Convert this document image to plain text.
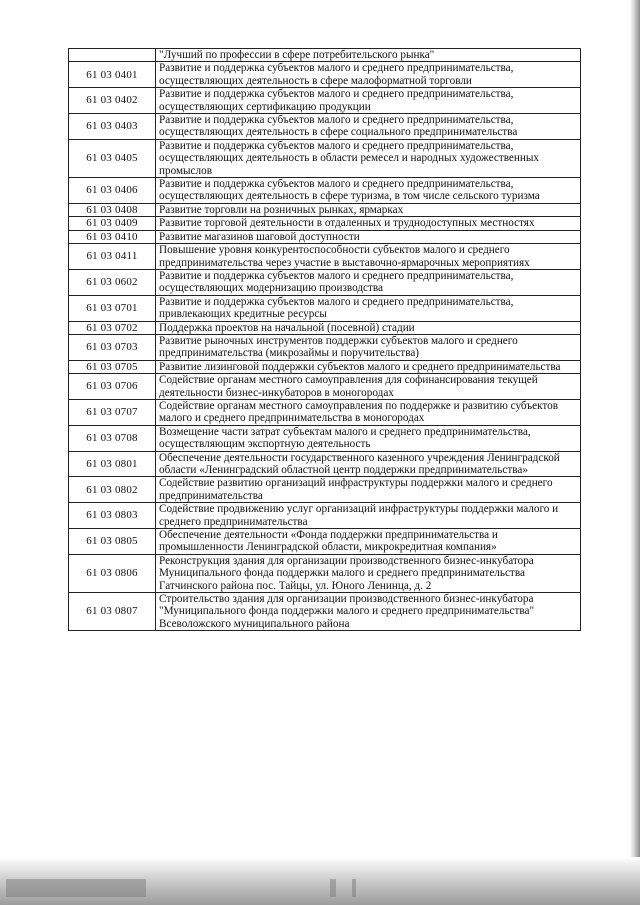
	"Лучший по профессии в сфере потребительского рынка"
61 03 0401	Развитие и поддержка субъектов малого и среднего предпринимательства, осуществляющих деятельность в сфере малоформатной торговли
61 03 0402	Развитие и поддержка субъектов малого и среднего предпринимательства, осуществляющих сертификацию продукции
61 03 0403	Развитие и поддержка субъектов малого и среднего предпринимательства, осуществляющих деятельность в сфере социального предпринимательства
61 03 0405	Развитие и поддержка субъектов малого и среднего предпринимательства, осуществляющих деятельность в области ремесел и народных художественных промыслов
61 03 0406	Развитие и поддержка субъектов малого и среднего предпринимательства, осуществляющих деятельность в сфере туризма, в том числе сельского туризма
61 03 0408	Развитие торговли на розничных рынках, ярмарках
61 03 0409	Развитие торговой деятельности в отдаленных и труднодоступных местностях
61 03 0410	Развитие магазинов шаговой доступности
61 03 0411	Повышение уровня конкурентоспособности субъектов малого и среднего предпринимательства через участие в выставочно-ярмарочных мероприятиях
61 03 0602	Развитие и поддержка субъектов малого и среднего предпринимательства, осуществляющих модернизацию производства
61 03 0701	Развитие и поддержка субъектов малого и среднего предпринимательства, привлекающих кредитные ресурсы
61 03 0702	Поддержка проектов на начальной (посевной) стадии
61 03 0703	Развитие рыночных инструментов поддержки субъектов малого и среднего предпринимательства (микрозаймы и поручительства)
61 03 0705	Развитие лизинговой поддержки субъектов малого и среднего предпринимательства
61 03 0706	Содействие органам местного самоуправления для софинансирования текущей деятельности бизнес-инкубаторов в моногородах
61 03 0707	Содействие органам местного самоуправления по поддержке и развитию субъектов малого и среднего предпринимательства в моногородах
61 03 0708	Возмещение части затрат субъектам малого и среднего предпринимательства, осуществляющим экспортную деятельность
61 03 0801	Обеспечение деятельности государственного казенного учреждения Ленинградской области «Ленинградский областной центр поддержки предпринимательства»
61 03 0802	Содействие развитию организаций инфраструктуры поддержки малого и среднего предпринимательства
61 03 0803	Содействие продвижению услуг организаций инфраструктуры поддержки малого и среднего предпринимательства
61 03 0805	Обеспечение деятельности «Фонда поддержки предпринимательства и промышленности Ленинградской области, микрокредитная компания»
61 03 0806	Реконструкция здания для организации производственного бизнес-инкубатора Муниципального фонда поддержки малого и среднего предпринимательства Гатчинского района пос. Тайцы, ул. Юного Ленинца, д. 2
61 03 0807	Строительство здания для организации производственного бизнес-инкубатора "Муниципального фонда поддержки малого и среднего предпринимательства" Всеволожского муниципального района
